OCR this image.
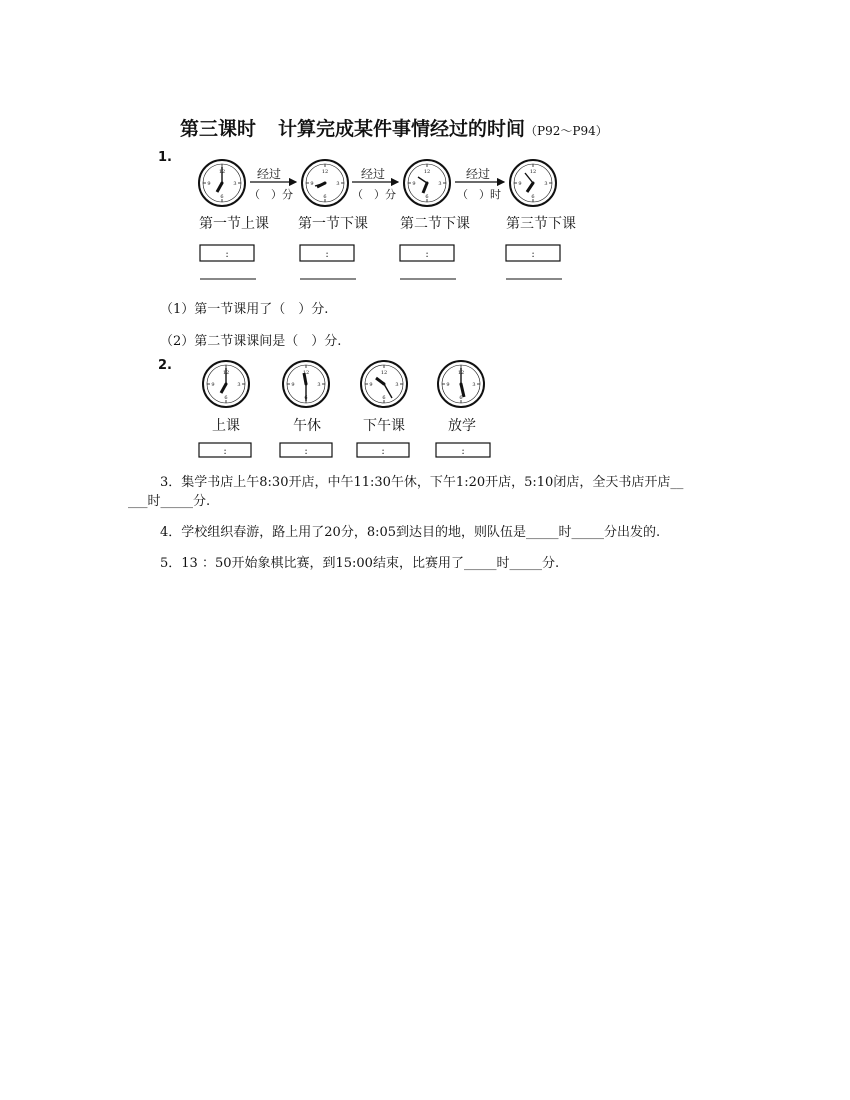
第三课时 计算完成某件事情经过的时间（P92～P94）
1.
2.
12
3
6
9
12
3
6
9
12
3
6
9
12
3
6
9
经过
（　）分
经过
（　）分
经过
（　）时
第一节上课 第一节下课 第二节下课	第三节下课
:	:	:	:
12
3
6
9
12
3
6
9
12
3
6
9
12
3
6
9
上课	午休	下午课	放学
:	:	:	:
（1）第一节课用了（　）分.
（2）第二节课课间是（　）分.
3．集学书店上午8:30开店，中午11:30午休，下午1:20开店，5:10闭店，全天书店开店__
___时_____分.
4．学校组织春游，路上用了20分，8:05到达目的地，则队伍是_____时_____分出发的.
5．13 ：50开始象棋比赛，到15:00结束，比赛用了_____时_____分.
